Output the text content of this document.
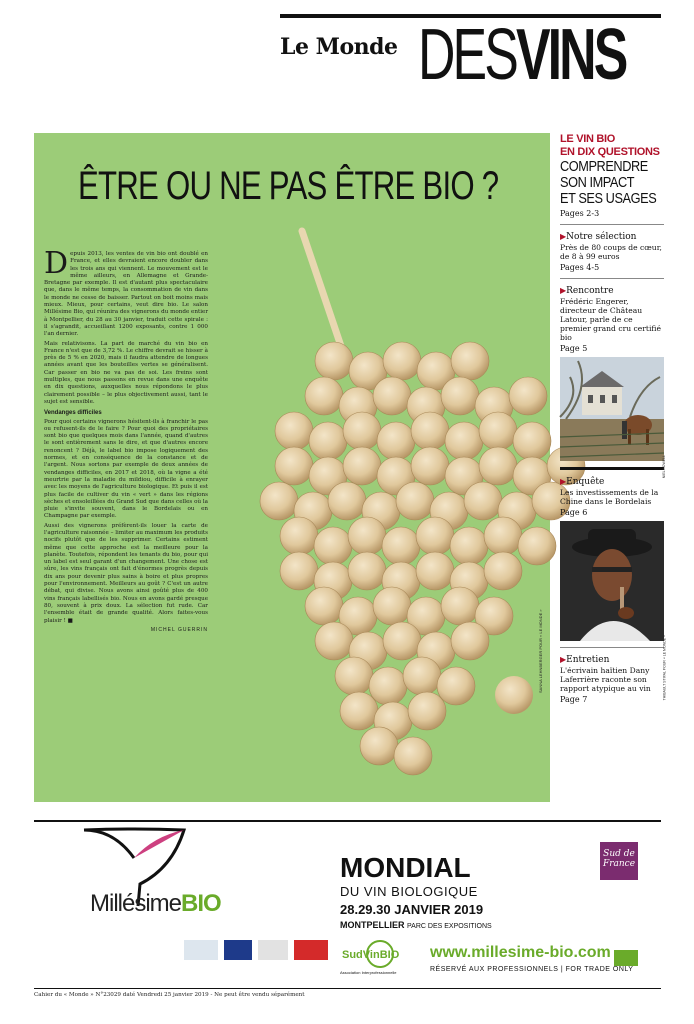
Le Monde DESVINS
ÊTRE OU NE PAS ÊTRE BIO ?

Depuis 2013, les ventes de vin bio ont doublé en France, et elles devraient encore doubler dans les trois ans qui viennent. Le mouvement est le même ailleurs, en Allemagne et Grande-Bretagne par exemple. Il est d'autant plus spectaculaire que, dans le même temps, la consommation de vin dans le monde ne cesse de baisser. Partout on boit moins mais mieux. Mieux, pour certains, veut dire bio. Le salon Millésime Bio, qui réunira des vignerons du monde entier à Montpellier, du 28 au 30 janvier, traduit cette spirale : il s'agrandit, accueillant 1200 exposants, contre 1 000 l'an dernier.

Mais relativisons. La part de marché du vin bio en France n'est que de 3,72 %. Le chiffre devrait se hisser à près de 5 % en 2020, mais il faudra attendre de longues années avant que les bouteilles vertes se généralisent. Car passer en bio ne va pas de soi. Les freins sont multiples, que nous passons en revue dans une enquête en dix questions, auxquelles nous répondons le plus clairement possible – le plus objectivement aussi, tant le sujet est sensible.

Vendanges difficiles

Pour quoi certains vignerons hésitent-ils à franchir le pas ou refusent-ils de le faire ? Pour quoi des propriétaires sont bio que quelques mois dans l'année, quand d'autres le sont entièrement sans le dire, et que d'autres encore renoncent ? Déjà, le label bio impose logiquement des normes, et en conséquence de la constance et de l'argent. Nous sortons par exemple de deux années de vendanges difficiles, en 2017 et 2018, où la vigne a été meurtrie par la maladie du mildiou, difficile à enrayer avec les moyens de l'agriculture biologique. Et puis il est plus facile de cultiver du vin « vert » dans les régions sèches et ensoleillées du Grand Sud que dans celles où la pluie s'invite souvent, dans le Bordelais ou en Champagne par exemple.

Aussi des vignerons préfèrent-ils louer la carte de l'agriculture raisonnée – limiter au maximum les produits nocifs plutôt que de les supprimer. Certains estiment même que cette approche est la meilleure pour la planète. Toutefois, répondent les tenants du bio, pour qui un label est seul garant d'un changement. Une chose est sûre, les vins français ont fait d'énormes progrès depuis dix ans pour devenir plus sains à boire et plus propres pour l'environnement. Meilleurs au goût ? C'est un autre débat, qui divise. Nous avons ainsi goûté plus de 400 vins français labellisés bio. Nous en avons gardé presque 80, souvent à prix doux. La sélection fut rude. Car l'ensemble était de grande qualité. Alors faites-vous plaisir ! ■

MICHEL GUERRIN	SANNA LEHNBERGER POUR « LE MONDE »
LE VIN BIO
EN DIX QUESTIONS
COMPRENDRE
SON IMPACT
ET SES USAGES
Pages 2-3
▶Notre sélection
Près de 80 coups de cœur, de 8 à 99 euros
Pages 4-5
▶Rencontre
Frédéric Engerer, directeur de Château Latour, parle de ce premier grand cru certifié bio
Page 5
NIEL BOWELL
▶Enquête
Les investissements de la Chine dans le Bordelais
Page 6
THIBAULT STIPAL POUR « LE MONDE »
▶Entretien
L'écrivain haïtien Dany Laferrière raconte son rapport atypique au vin
Page 7
MillésimeBIO
MONDIAL
DU VIN BIOLOGIQUE
28.29.30 JANVIER 2019
MONTPELLIER PARC DES EXPOSITIONS
SudVinBIO
Association Interprofessionnelle
www.millesime-bio.com
RÉSERVÉ AUX PROFESSIONNELS | FOR TRADE ONLY
Sud de France
Cahier du « Monde » N°23029 daté Vendredi 25 janvier 2019 - Ne peut être vendu séparément
